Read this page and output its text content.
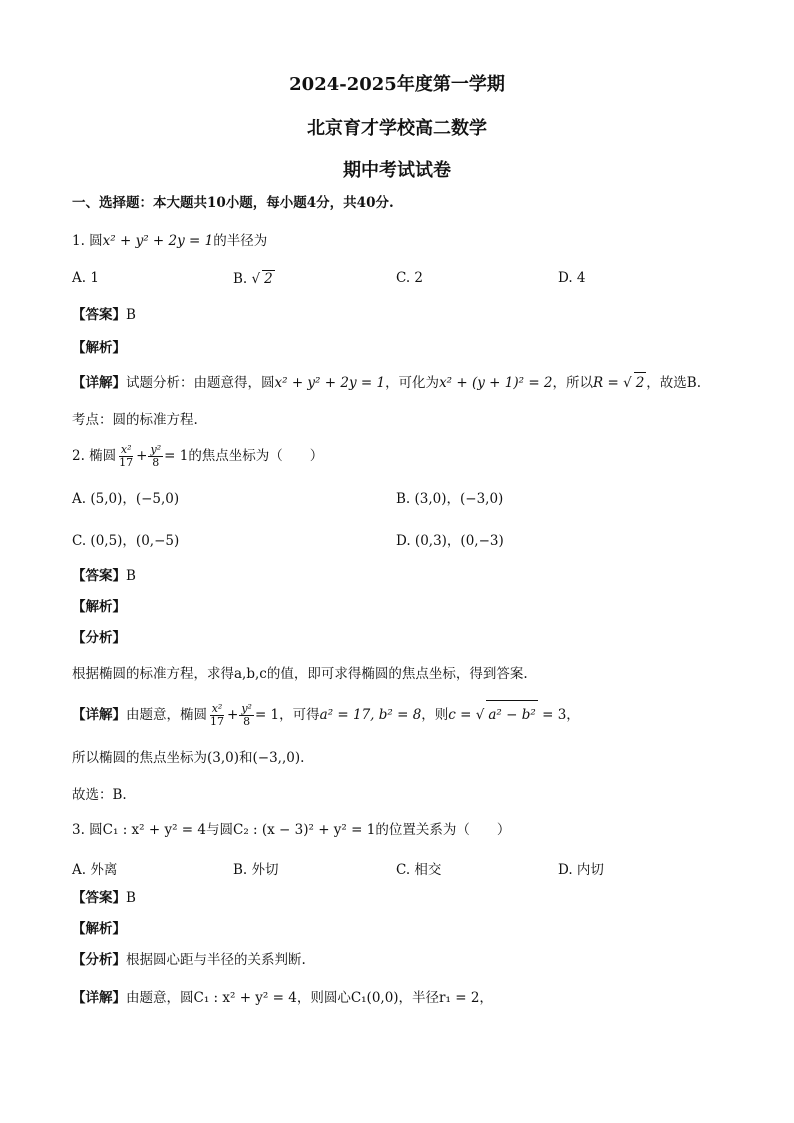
2024-2025年度第一学期
北京育才学校高二数学
期中考试试卷
一、选择题：本大题共10小题，每小题4分，共40分.
1. 圆x² + y² + 2y = 1的半径为
A. 1	B. √ 2	C. 2	D. 4
【答案】B
【解析】
【详解】试题分析：由题意得，圆x² + y² + 2y = 1，可化为x² + (y + 1)² = 2，所以R = √ 2 ，故选B.
考点：圆的标准方程.
2. 椭圆 $\frac{\text{x²}}{17} + \frac{\text{y²}}{8} = 1$的焦点坐标为（　　）
A. (5,0)，(−5,0)	B. (3,0)，(−3,0)
C. (0,5)，(0,−5)	D. (0,3)，(0,−3)
【答案】B
【解析】
【分析】
根据椭圆的标准方程，求得a,b,c的值，即可求得椭圆的焦点坐标，得到答案.
【详解】由题意，椭圆 $\frac{\text{x²}}{17} + \frac{\text{y²}}{8} = 1$，可得a² = 17, b² = 8，则c = √ a² − b² = 3，
所以椭圆的焦点坐标为(3,0)和(−3,,0).
故选：B.
3. 圆C₁ : x² + y² = 4与圆C₂ : (x − 3)² + y² = 1的位置关系为（　　）
A. 外离	B. 外切	C. 相交	D. 内切
【答案】B
【解析】
【分析】根据圆心距与半径的关系判断.
【详解】由题意，圆C₁ : x² + y² = 4，则圆心C₁(0,0)，半径r₁ = 2，
